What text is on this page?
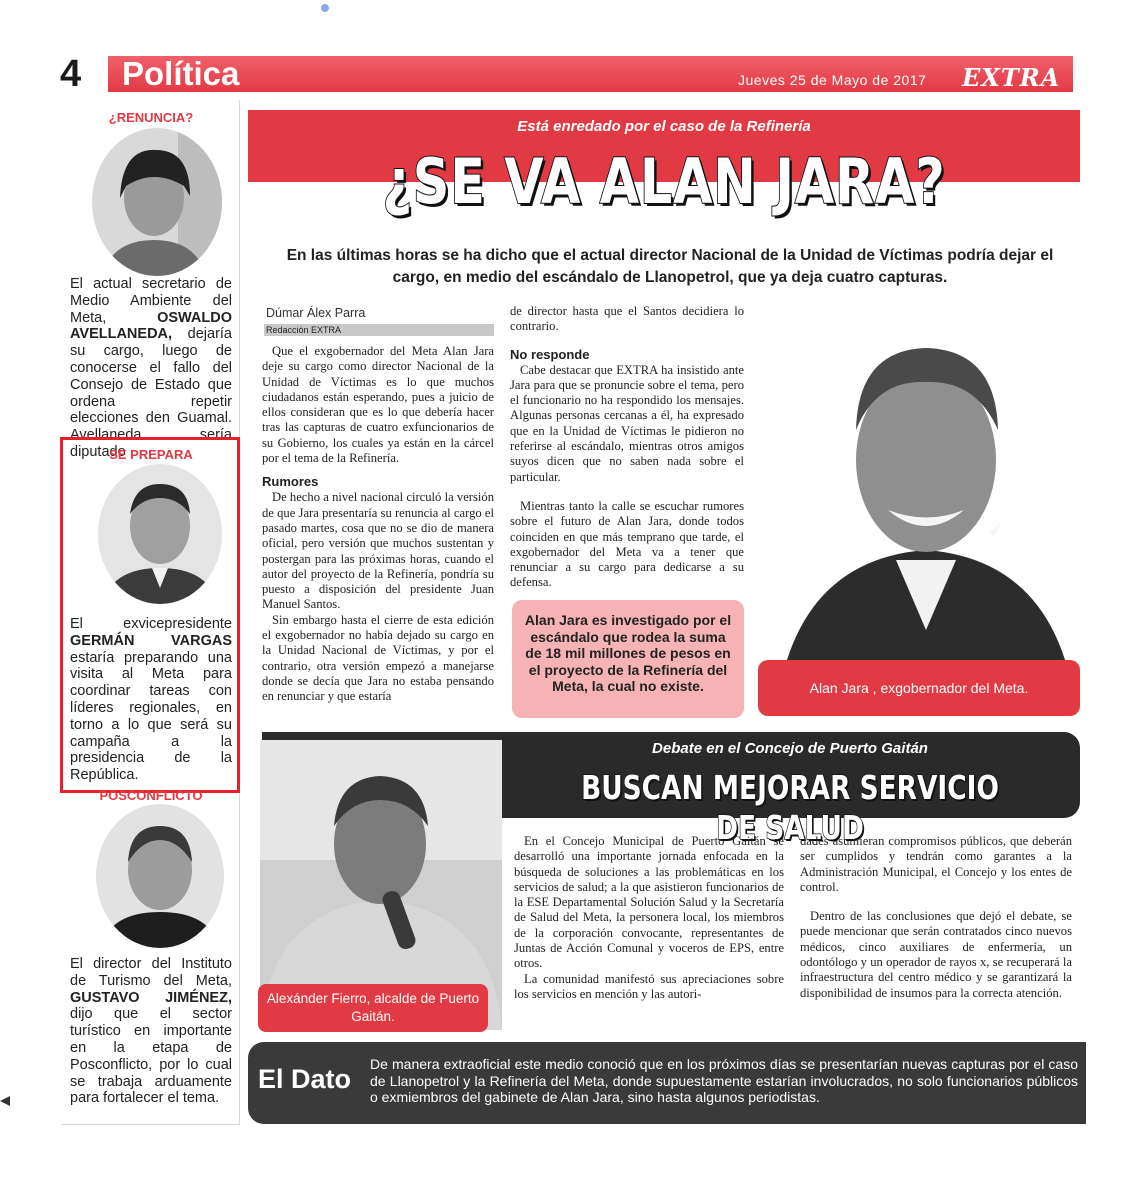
4	Política	Jueves 25 de Mayo de 2017 EXTRA
¿RENUNCIA?
El actual secretario de Medio Ambiente del Meta,	OSWALDO AVELLANEDA, dejaría su cargo, luego de conocerse el fallo del Consejo de Estado que ordena repetir elecciones den Guamal. Avellaneda sería diputado
SE PREPARA
El exvicepresidente GERMÁN VARGAS estaría preparando una visita al Meta para coordinar tareas con líderes regionales, en torno a lo que será su campaña a la presidencia de la República.
POSCONFLICTO
El director del Instituto de Turismo del Meta, GUSTAVO JIMÉNEZ, dijo que el sector turístico en importante en la etapa de Posconflicto, por lo cual se trabaja arduamente para fortalecer el tema.
Está enredado por el caso de la Refinería
¿SE VA ALAN JARA?
En las últimas horas se ha dicho que el actual director Nacional de la Unidad de Víctimas podría dejar el cargo, en medio del escándalo de Llanopetrol, que ya deja cuatro capturas.
Dúmar Álex Parra
Redacción EXTRA

Que el exgobernador del Meta Alan Jara deje su cargo como director Nacional de la Unidad de Víctimas es lo que muchos ciudadanos están esperando, pues a juicio de ellos consideran que es lo que debería hacer tras las capturas de cuatro exfuncionarios de su Gobierno, los cuales ya están en la cárcel por el tema de la Refinería.

Rumores

De hecho a nivel nacional circuló la versión de que Jara presentaría su renuncia al cargo el pasado martes, cosa que no se dio de manera oficial, pero versión que muchos sustentan y postergan para las próximas horas, cuando el autor del proyecto de la Refinería, pondría su puesto a disposición del presidente Juan Manuel Santos.

Sin embargo hasta el cierre de esta edición el exgobernador no había dejado su cargo en la Unidad Nacional de Víctimas, y por el contrario, otra versión empezó a manejarse donde se decía que Jara no estaba pensando en renunciar y que estaría

de director hasta que el Santos decidiera lo contrario.

No responde

Cabe destacar que EXTRA ha insistido ante Jara para que se pronuncie sobre el tema, pero el funcionario no ha respondido los mensajes. Algunas personas cercanas a él, ha expresado que en la Unidad de Víctimas le pidieron no referirse al escándalo, mientras otros amigos suyos dicen que no saben nada sobre el particular.

Mientras tanto la calle se escuchar rumores sobre el futuro de Alan Jara, donde todos coinciden en que más temprano que tarde, el exgobernador del Meta va a tener que renunciar a su cargo para dedicarse a su defensa.

Alan Jara es investigado por el escándalo que rodea la suma de 18 mil millones de pesos en el proyecto de la Refinería del Meta, la cual no existe.	Alan Jara , exgobernador del Meta.
Alexánder Fierro, alcalde de Puerto Gaitán.
Debate en el Concejo de Puerto Gaitán
BUSCAN MEJORAR SERVICIO DE SALUD

En el Concejo Municipal de Puerto Gaitán se desarrolló una importante jornada enfocada en la búsqueda de soluciones a las problemáticas en los servicios de salud; a la que asistieron funcionarios de la ESE Departamental Solución Salud y la Secretaría de Salud del Meta, la personera local, los miembros de la corporación convocante, representantes de Juntas de Acción Comunal y voceros de EPS, entre otros.

La comunidad manifestó sus apreciaciones sobre los servicios en mención y las autori-

dades asumieran compromisos públicos, que deberán ser cumplidos y tendrán como garantes a la Administración Municipal, el Concejo y los entes de control.

Dentro de las conclusiones que dejó el debate, se puede mencionar que serán contratados cinco nuevos médicos, cinco auxiliares de enfermería, un odontólogo y un operador de rayos x, se recuperará la infraestructura del centro médico y se garantizará la disponibilidad de insumos para la correcta atención.

El Dato De manera extraoficial este medio conoció que en los próximos días se presentarían nuevas capturas por el caso de Llanopetrol y la Refinería del Meta, donde supuestamente estarían involucrados, no solo funcionarios públicos o exmiembros del gabinete de Alan Jara, sino hasta algunos periodistas.
